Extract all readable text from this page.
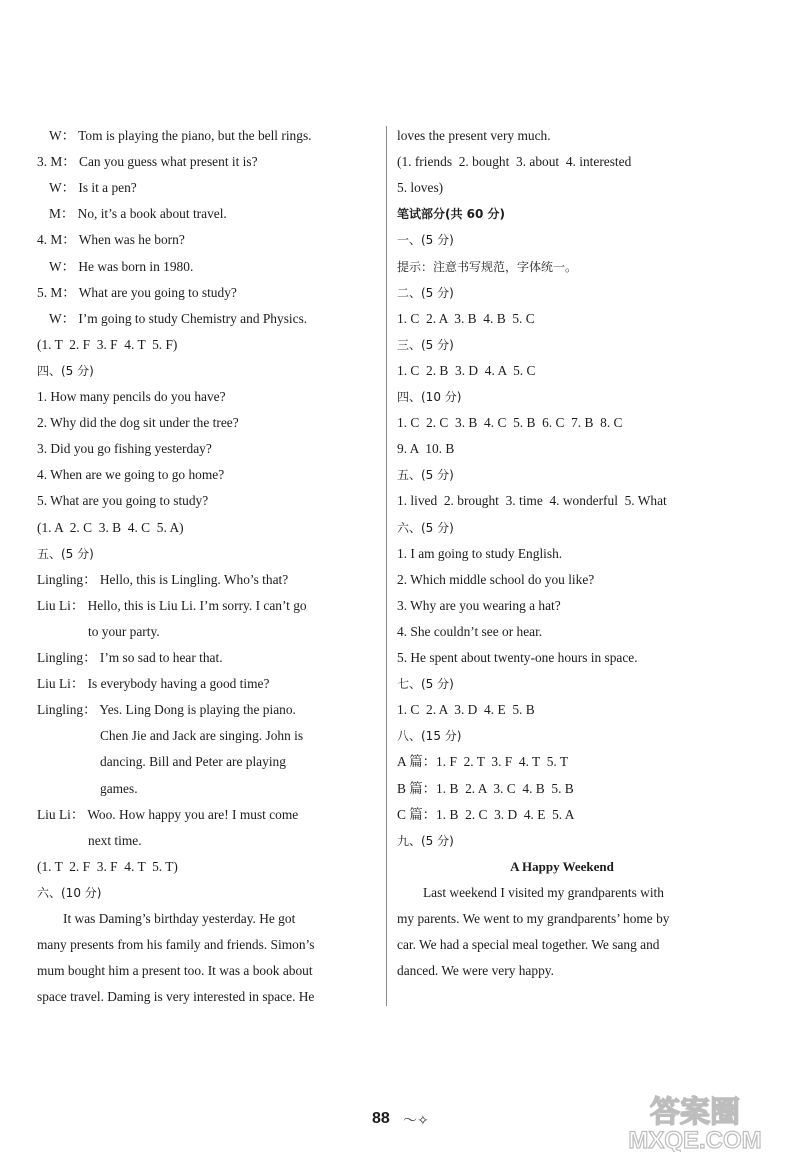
W： Tom is playing the piano, but the bell rings.
3. M： Can you guess what present it is?
W： Is it a pen?
M： No, it’s a book about travel.
4. M： When was he born?
W： He was born in 1980.
5. M： What are you going to study?
W： I’m going to study Chemistry and Physics.
(1. T  2. F  3. F  4. T  5. F)
四、(5 分)
1. How many pencils do you have?
2. Why did the dog sit under the tree?
3. Did you go fishing yesterday?
4. When are we going to go home?
5. What are you going to study?
(1. A  2. C  3. B  4. C  5. A)
五、(5 分)
Lingling： Hello, this is Lingling. Who’s that?
Liu Li： Hello, this is Liu Li. I’m sorry. I can’t go
to your party.
Lingling： I’m so sad to hear that.
Liu Li： Is everybody having a good time?
Lingling： Yes. Ling Dong is playing the piano.
Chen Jie and Jack are singing. John is
dancing. Bill and Peter are playing
games.
Liu Li： Woo. How happy you are! I must come
next time.
(1. T  2. F  3. F  4. T  5. T)
六、(10 分)
It was Daming’s birthday yesterday. He got
many presents from his family and friends. Simon’s
mum bought him a present too. It was a book about
space travel. Daming is very interested in space. He
loves the present very much.
(1. friends  2. bought  3. about  4. interested
5. loves)
笔试部分(共 60 分)
一、(5 分)
提示：注意书写规范，字体统一。
二、(5 分)
1. C  2. A  3. B  4. B  5. C
三、(5 分)
1. C  2. B  3. D  4. A  5. C
四、(10 分)
1. C  2. C  3. B  4. C  5. B  6. C  7. B  8. C
9. A  10. B
五、(5 分)
1. lived  2. brought  3. time  4. wonderful  5. What
六、(5 分)
1. I am going to study English.
2. Which middle school do you like?
3. Why are you wearing a hat?
4. She couldn’t see or hear.
5. He spent about twenty-one hours in space.
七、(5 分)
1. C  2. A  3. D  4. E  5. B
八、(15 分)
A 篇：1. F  2. T  3. F  4. T  5. T
B 篇：1. B  2. A  3. C  4. B  5. B
C 篇：1. B  2. C  3. D  4. E  5. A
九、(5 分)
A Happy Weekend
Last weekend I visited my grandparents with
my parents. We went to my grandparents’ home by
car. We had a special meal together. We sang and
danced. We were very happy.
88 〜✧	答案圈
MXQE.COM
